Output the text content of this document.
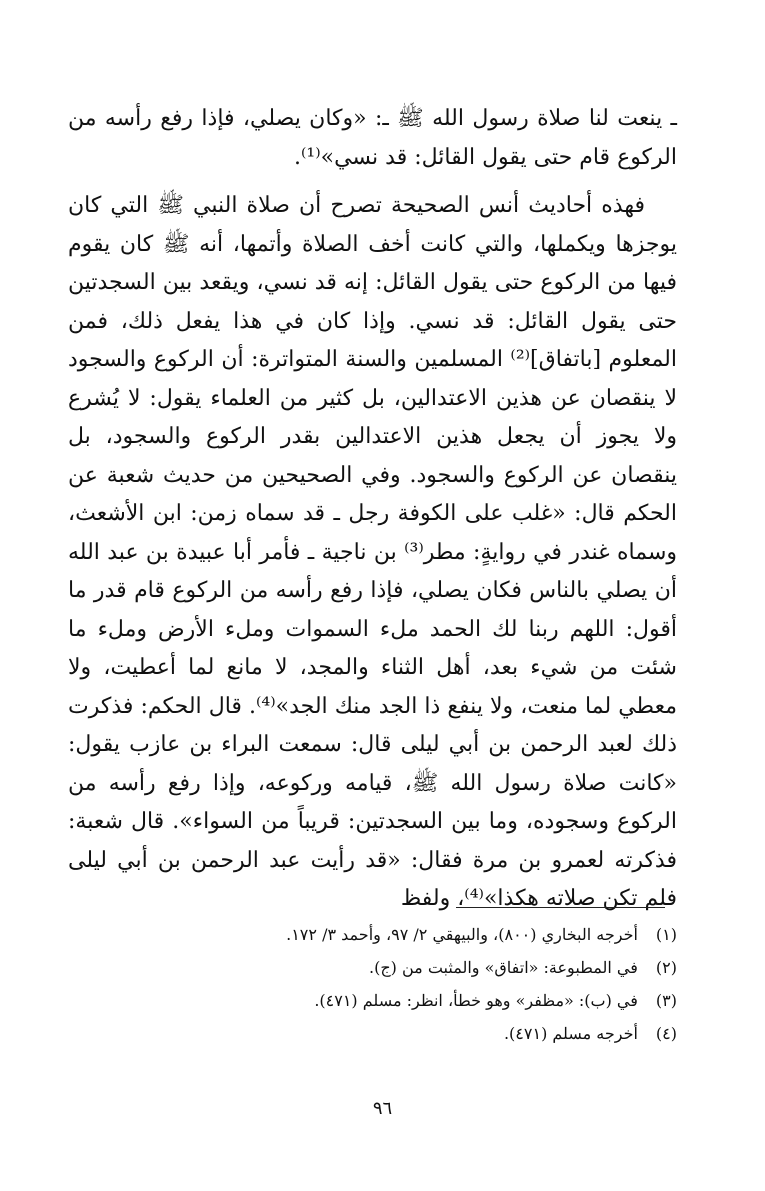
ـ ينعت لنا صلاة رسول الله ﷺ ـ: «وكان يصلي، فإذا رفع رأسه من الركوع قام حتى يقول القائل: قد نسي»⁽¹⁾.

فهذه أحاديث أنس الصحيحة تصرح أن صلاة النبي ﷺ التي كان يوجزها ويكملها، والتي كانت أخف الصلاة وأتمها، أنه ﷺ كان يقوم فيها من الركوع حتى يقول القائل: إنه قد نسي، ويقعد بين السجدتين حتى يقول القائل: قد نسي. وإذا كان في هذا يفعل ذلك، فمن المعلوم [باتفاق]⁽²⁾ المسلمين والسنة المتواترة: أن الركوع والسجود لا ينقصان عن هذين الاعتدالين، بل كثير من العلماء يقول: لا يُشرع ولا يجوز أن يجعل هذين الاعتدالين بقدر الركوع والسجود، بل ينقصان عن الركوع والسجود. وفي الصحيحين من حديث شعبة عن الحكم قال: «غلب على الكوفة رجل ـ قد سماه زمن: ابن الأشعث، وسماه غندر في روايةٍ: مطر⁽³⁾ بن ناجية ـ فأمر أبا عبيدة بن عبد الله أن يصلي بالناس فكان يصلي، فإذا رفع رأسه من الركوع قام قدر ما أقول: اللهم ربنا لك الحمد ملء السموات وملء الأرض وملء ما شئت من شيء بعد، أهل الثناء والمجد، لا مانع لما أعطيت، ولا معطي لما منعت، ولا ينفع ذا الجد منك الجد»⁽⁴⁾. قال الحكم: فذكرت ذلك لعبد الرحمن بن أبي ليلى قال: سمعت البراء بن عازب يقول: «كانت صلاة رسول الله ﷺ، قيامه وركوعه، وإذا رفع رأسه من الركوع وسجوده، وما بين السجدتين: قريباً من السواء». قال شعبة: فذكرته لعمرو بن مرة فقال: «قد رأيت عبد الرحمن بن أبي ليلى فلم تكن صلاته هكذا»⁽⁴⁾، ولفظ

(١) أخرجه البخاري (٨٠٠)، والبيهقي ٢/ ٩٧، وأحمد ٣/ ١٧٢.

(٢) في المطبوعة: «اتفاق» والمثبت من (ج).

(٣) في (ب): «مظفر» وهو خطأ، انظر: مسلم (٤٧١).

(٤) أخرجه مسلم (٤٧١).

٩٦
